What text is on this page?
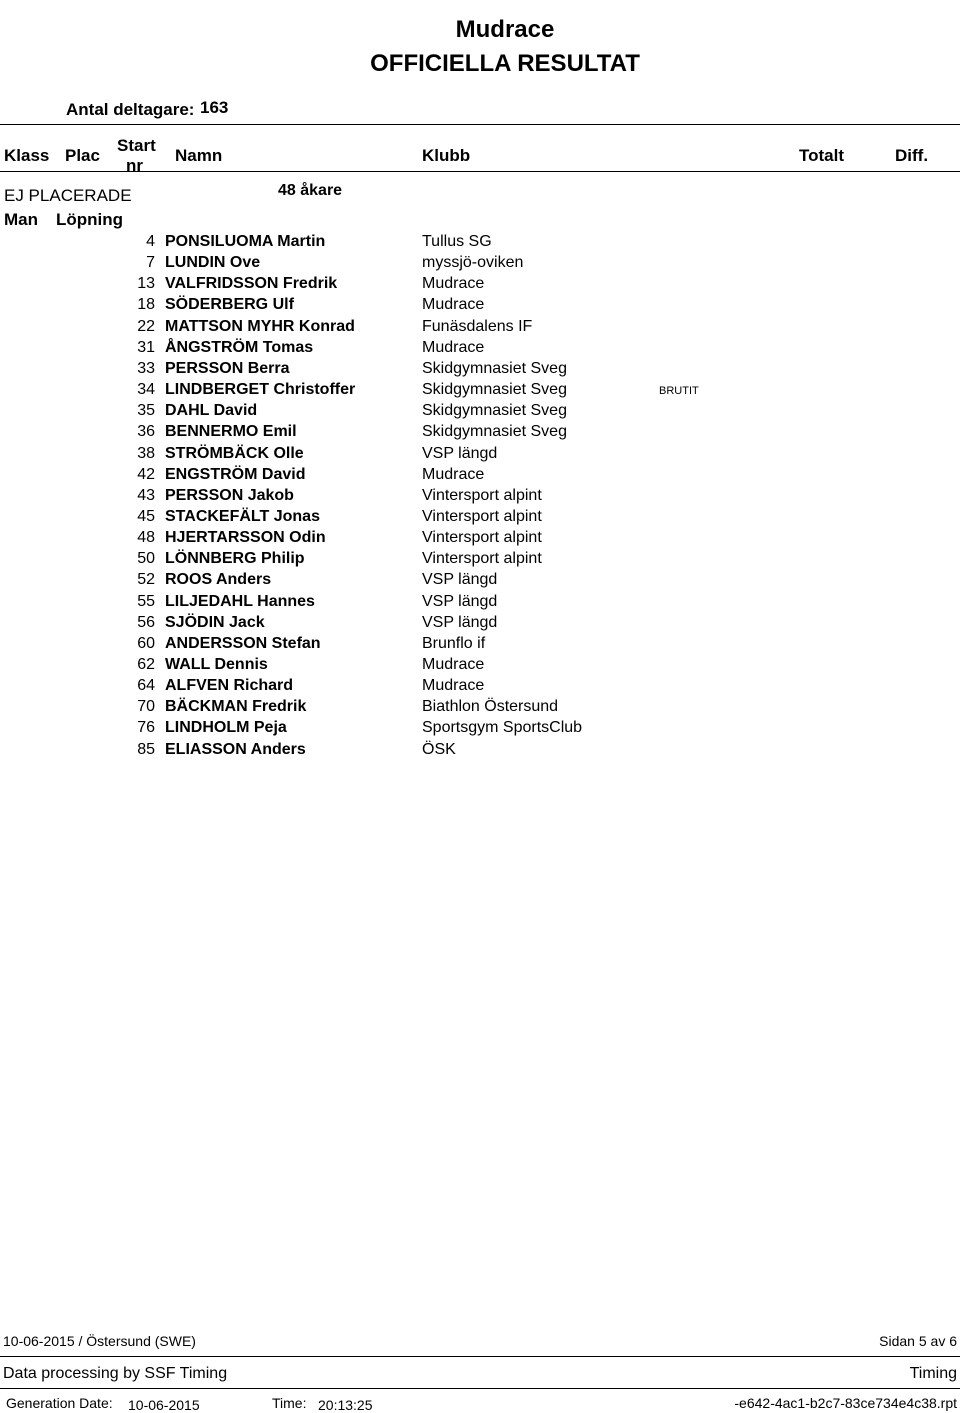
Mudrace
OFFICIELLA RESULTAT
Antal deltagare: 163
Klass Plac
Start
nr
Namn	Klubb	Totalt	Diff.
EJ PLACERADE	48 åkare
Man Löpning
4 PONSILUOMA Martin	Tullus SG
7 LUNDIN Ove	myssjö-oviken
13 VALFRIDSSON Fredrik	Mudrace
18 SÖDERBERG Ulf	Mudrace
22 MATTSON MYHR Konrad	Funäsdalens IF
31 ÅNGSTRÖM Tomas	Mudrace
33 PERSSON Berra	Skidgymnasiet Sveg
34 LINDBERGET Christoffer	Skidgymnasiet Sveg	BRUTIT
35 DAHL David	Skidgymnasiet Sveg
36 BENNERMO Emil	Skidgymnasiet Sveg
38 STRÖMBÄCK Olle	VSP längd
42 ENGSTRÖM David	Mudrace
43 PERSSON Jakob	Vintersport alpint
45 STACKEFÄLT Jonas	Vintersport alpint
48 HJERTARSSON Odin	Vintersport alpint
50 LÖNNBERG Philip	Vintersport alpint
52 ROOS Anders	VSP längd
55 LILJEDAHL Hannes	VSP längd
56 SJÖDIN Jack	VSP längd
60 ANDERSSON Stefan	Brunflo if
62 WALL Dennis	Mudrace
64 ALFVEN Richard	Mudrace
70 BÄCKMAN Fredrik	Biathlon Östersund
76 LINDHOLM Peja	Sportsgym SportsClub
85 ELIASSON Anders	ÖSK
10-06-2015 / Östersund (SWE)	Sidan 5 av 6
Data processing by SSF Timing	Timing
Generation Date: 10-06-2015	Time: 20:13:25	-e642-4ac1-b2c7-83ce734e4c38.rpt
